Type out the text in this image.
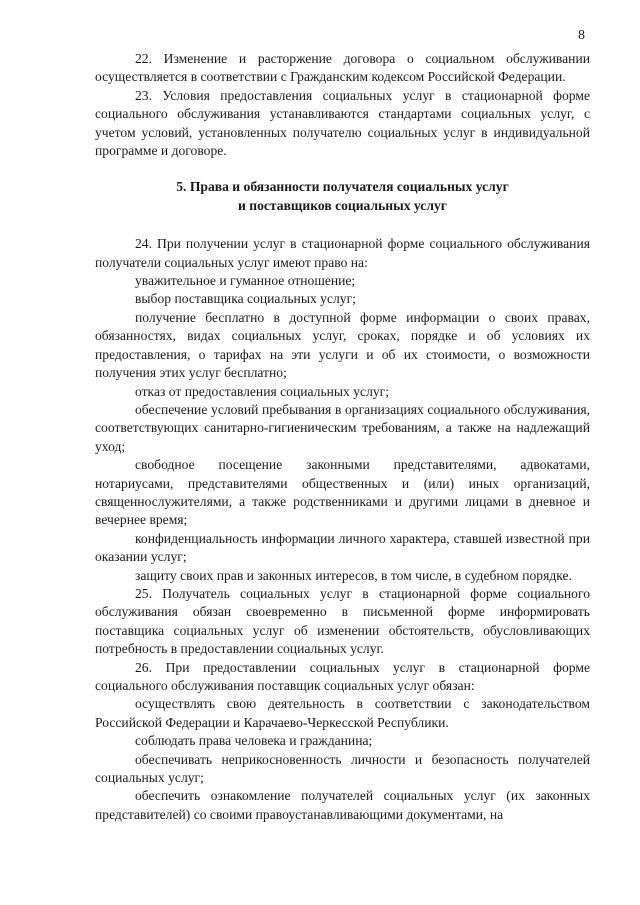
8

22. Изменение и расторжение договора о социальном обслуживании осуществляется в соответствии с Гражданским кодексом Российской Федерации.

23. Условия предоставления социальных услуг в стационарной форме социального обслуживания устанавливаются стандартами социальных услуг, с учетом условий, установленных получателю социальных услуг в индивидуальной программе и договоре.

5. Права и обязанности получателя социальных услуг
и поставщиков социальных услуг

24. При получении услуг в стационарной форме социального обслуживания получатели социальных услуг имеют право на:

уважительное и гуманное отношение;

выбор поставщика социальных услуг;

получение бесплатно в доступной форме информации о своих правах, обязанностях, видах социальных услуг, сроках, порядке и об условиях их предоставления, о тарифах на эти услуги и об их стоимости, о возможности получения этих услуг бесплатно;

отказ от предоставления социальных услуг;

обеспечение условий пребывания в организациях социального обслуживания, соответствующих санитарно-гигиеническим требованиям, а также на надлежащий уход;

свободное посещение законными представителями, адвокатами, нотариусами, представителями общественных и (или) иных организаций, священнослужителями, а также родственниками и другими лицами в дневное и вечернее время;

конфиденциальность информации личного характера, ставшей известной при оказании услуг;

защиту своих прав и законных интересов, в том числе, в судебном порядке.

25. Получатель социальных услуг в стационарной форме социального обслуживания обязан своевременно в письменной форме информировать поставщика социальных услуг об изменении обстоятельств, обусловливающих потребность в предоставлении социальных услуг.

26. При предоставлении социальных услуг в стационарной форме социального обслуживания поставщик социальных услуг обязан:

осуществлять свою деятельность в соответствии с законодательством Российской Федерации и Карачаево-Черкесской Республики.

соблюдать права человека и гражданина;

обеспечивать неприкосновенность личности и безопасность получателей социальных услуг;

обеспечить ознакомление получателей социальных услуг (их законных представителей) со своими правоустанавливающими документами, на
